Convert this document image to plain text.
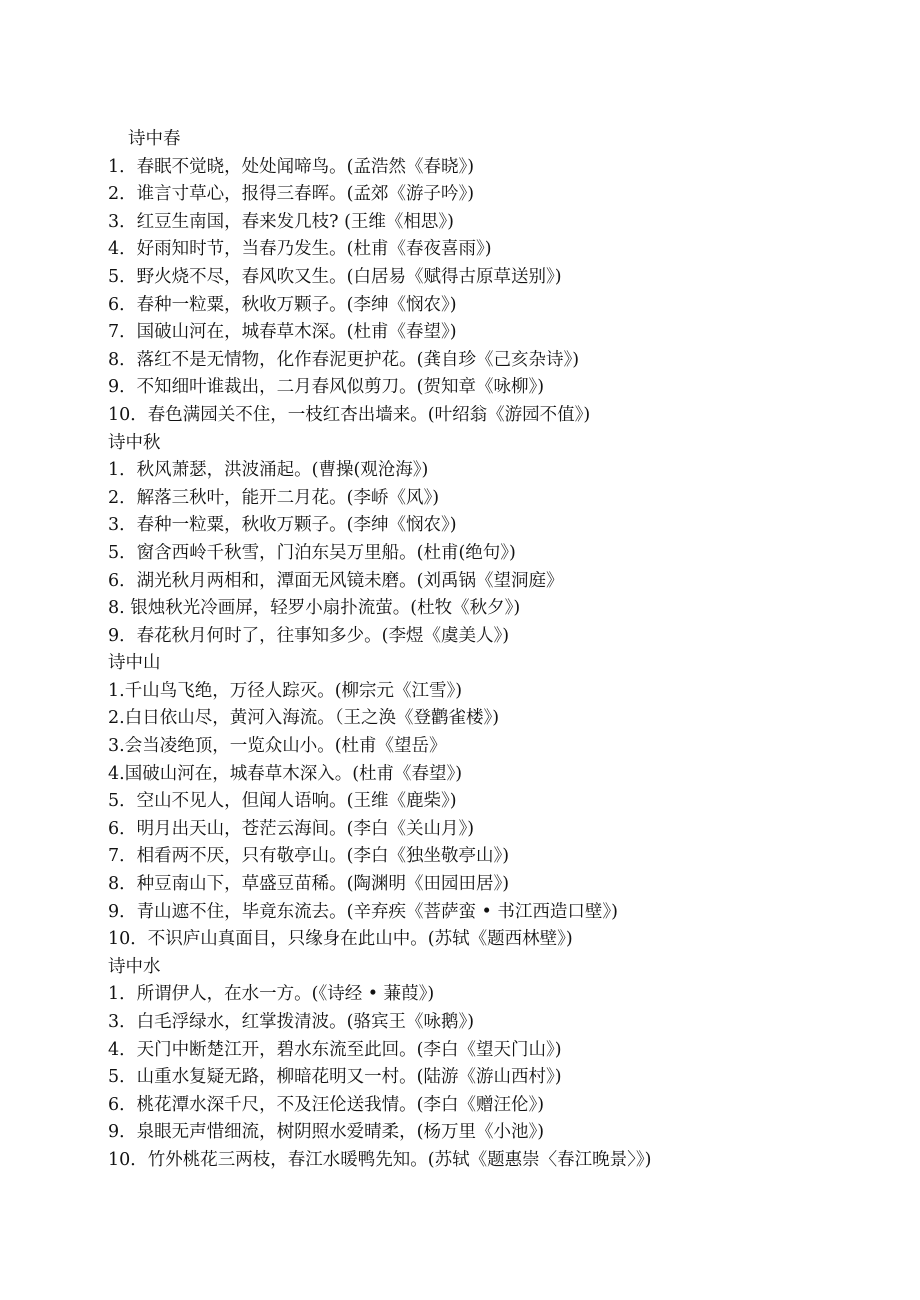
诗中春
1．春眠不觉晓，处处闻啼鸟。(孟浩然《春晓》)
2．谁言寸草心，报得三春晖。(孟郊《游子吟》)
3．红豆生南国，春来发几枝? (王维《相思》)
4．好雨知时节，当春乃发生。(杜甫《春夜喜雨》)
5．野火烧不尽，春风吹又生。(白居易《赋得古原草送别》)
6．春种一粒粟，秋收万颗子。(李绅《悯农》)
7．国破山河在，城春草木深。(杜甫《春望》)
8．落红不是无情物，化作春泥更护花。(龚自珍《己亥杂诗》)
9．不知细叶谁裁出，二月春风似剪刀。(贺知章《咏柳》)
10．春色满园关不住，一枝红杏出墙来。(叶绍翁《游园不值》)
诗中秋
1．秋风萧瑟，洪波涌起。(曹操(观沧海》)
2．解落三秋叶，能开二月花。(李峤《风》)
3．春种一粒粟，秋收万颗子。(李绅《悯农》)
5．窗含西岭千秋雪，门泊东吴万里船。(杜甫(绝句》)
6．湖光秋月两相和，潭面无风镜未磨。(刘禹锅《望洞庭》
8. 银烛秋光冷画屏，轻罗小扇扑流萤。(杜牧《秋夕》)
9．春花秋月何时了，往事知多少。(李煜《虞美人》)
诗中山
1.千山鸟飞绝，万径人踪灭。(柳宗元《江雪》)
2.白日依山尽，黄河入海流。（王之涣《登鹳雀楼》)
3.会当凌绝顶，一览众山小。(杜甫《望岳》
4.国破山河在，城春草木深入。(杜甫《春望》)
5．空山不见人，但闻人语响。(王维《鹿柴》)
6．明月出天山，苍茫云海间。(李白《关山月》)
7．相看两不厌，只有敬亭山。(李白《独坐敬亭山》)
8．种豆南山下，草盛豆苗稀。(陶渊明《田园田居》)
9．青山遮不住，毕竟东流去。(辛弃疾《菩萨蛮 • 书江西造口壁》)
10．不识庐山真面目，只缘身在此山中。(苏轼《题西林壁》)
诗中水
1．所谓伊人，在水一方。(《诗经 • 蒹葭》)
3．白毛浮绿水，红掌拨清波。(骆宾王《咏鹅》)
4．天门中断楚江开，碧水东流至此回。(李白《望天门山》)
5．山重水复疑无路，柳暗花明又一村。(陆游《游山西村》)
6．桃花潭水深千尺，不及汪伦送我情。(李白《赠汪伦》)
9．泉眼无声惜细流，树阴照水爱晴柔，(杨万里《小池》)
10．竹外桃花三两枝，春江水暖鸭先知。(苏轼《题惠崇〈春江晚景〉》)
